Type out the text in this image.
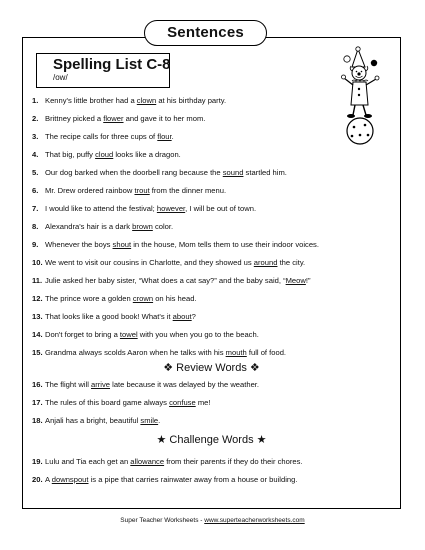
Sentences
Spelling List C-8
/ow/
1. Kenny's little brother had a clown at his birthday party.
2. Brittney picked a flower and gave it to her mom.
3. The recipe calls for three cups of flour.
4. That big, puffy cloud looks like a dragon.
5. Our dog barked when the doorbell rang because the sound startled him.
6. Mr. Drew ordered rainbow trout from the dinner menu.
7. I would like to attend the festival; however, I will be out of town.
8. Alexandra's hair is a dark brown color.
9. Whenever the boys shout in the house, Mom tells them to use their indoor voices.
10. We went to visit our cousins in Charlotte, and they showed us around the city.
11. Julie asked her baby sister, “What does a cat say?” and the baby said, “Meow!”
12. The prince wore a golden crown on his head.
13. That looks like a good book! What's it about?
14. Don't forget to bring a towel with you when you go to the beach.
15. Grandma always scolds Aaron when he talks with his mouth full of food.
❖ Review Words ❖
16. The flight will arrive late because it was delayed by the weather.
17. The rules of this board game always confuse me!
18. Anjali has a bright, beautiful smile.
★ Challenge Words ★
19. Lulu and Tia each get an allowance from their parents if they do their chores.
20. A downspout is a pipe that carries rainwater away from a house or building.
Super Teacher Worksheets - www.superteacherworksheets.com
